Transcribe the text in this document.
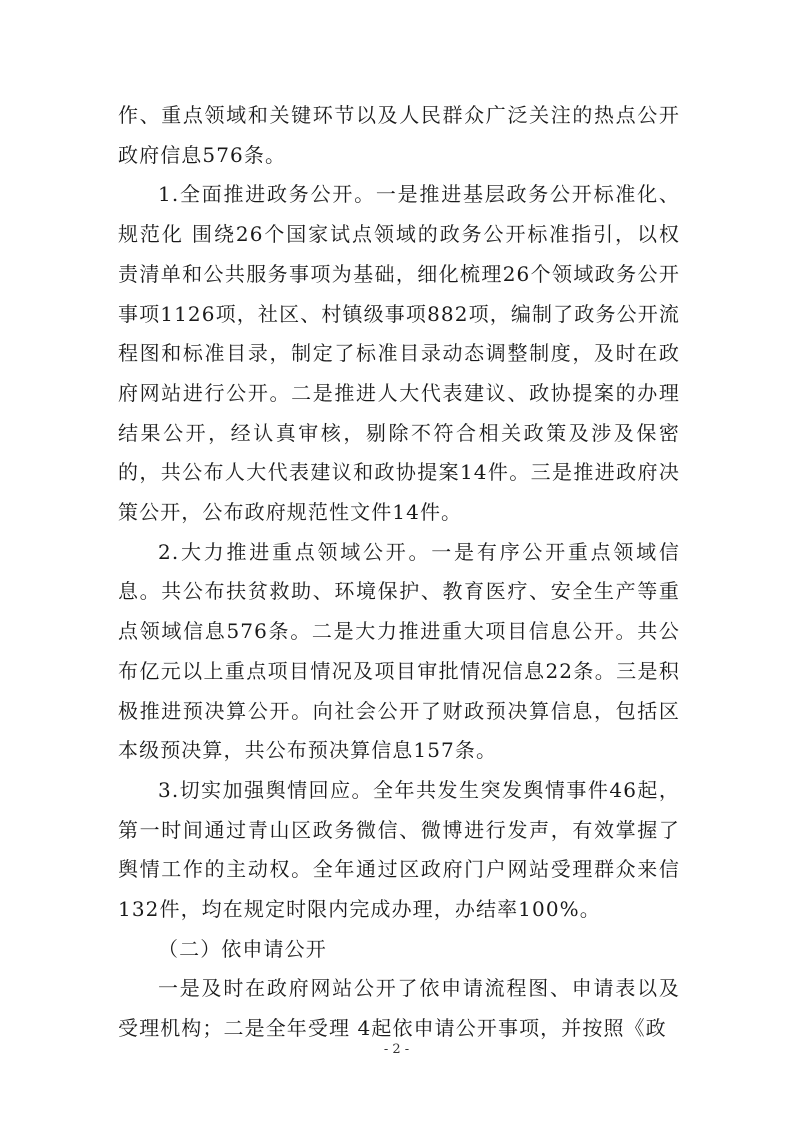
作、重点领域和关键环节以及人民群众广泛关注的热点公开政府信息576条。

1.全面推进政务公开。一是推进基层政务公开标准化、规范化 围绕26个国家试点领域的政务公开标准指引，以权责清单和公共服务事项为基础，细化梳理26个领域政务公开事项1126项，社区、村镇级事项882项，编制了政务公开流程图和标准目录，制定了标准目录动态调整制度，及时在政府网站进行公开。二是推进人大代表建议、政协提案的办理结果公开，经认真审核，剔除不符合相关政策及涉及保密的，共公布人大代表建议和政协提案14件。三是推进政府决策公开，公布政府规范性文件14件。

2.大力推进重点领域公开。一是有序公开重点领域信息。共公布扶贫救助、环境保护、教育医疗、安全生产等重点领域信息576条。二是大力推进重大项目信息公开。共公布亿元以上重点项目情况及项目审批情况信息22条。三是积极推进预决算公开。向社会公开了财政预决算信息，包括区本级预决算，共公布预决算信息157条。

3.切实加强舆情回应。全年共发生突发舆情事件46起，第一时间通过青山区政务微信、微博进行发声，有效掌握了舆情工作的主动权。全年通过区政府门户网站受理群众来信132件，均在规定时限内完成办理，办结率100%。

（二）依申请公开

一是及时在政府网站公开了依申请流程图、申请表以及受理机构；二是全年受理 4起依申请公开事项，并按照《政

- 2 -
